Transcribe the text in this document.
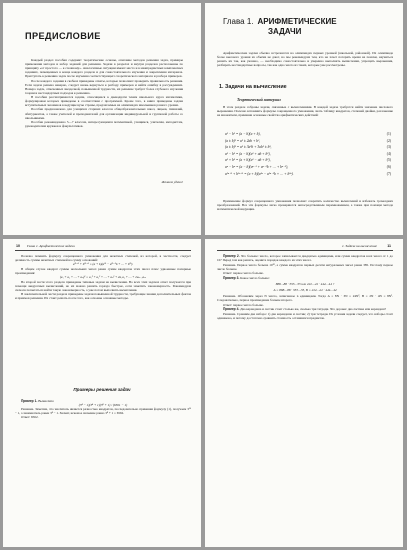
ПРЕДИСЛОВИЕ

Каждый раздел пособия содержит теоретические основы, описание методов решения задач, примеры применения методов и набор заданий для решения. Задачи в разделах и внутри разделов расположены по принципу «от простого — к сложному». Аналогичные ситуации имеют место и в межпредметных комплексных заданиях, помещенных в конце каждого раздела и для самостоятельного изучения и закрепления материала. Приступать к решению задач после изучения соответствующего теоретического материала и разбора примеров.

После каждого задания в скобках приведены ответы, которые позволяют проверить правильность решения. Если задача решена неверно, следует вновь вернуться к разбору примеров и найти ошибку в рассуждениях. Номера задач, отмеченных звездочкой, повышенной трудности, их решение требует более глубокого изучения теории и нестандартных подходов к решению.

В пособии рассматриваются задачи, относящиеся к двенадцати темам школьного курса математики, формулировки которых приведены в соответствии с программой. Кроме того, в книге приведены задачи вступительных экзаменов в ведущие вузы страны, предлагаемые на олимпиадах школьников разного уровня.

Пособие предназначено для учащихся старших классов общеобразовательных школ, лицеев, гимназий, абитуриентов, а также учителей и преподавателей для организации индивидуальной и групповой работы со школьниками.

Пособие рекомендовано 5—7 классам, интересующимся математикой, учащимся, учителям, методистам, руководителям кружков и факультативов.

Желаем удачи!
Глава 1. АРИФМЕТИЧЕСКИЕ
ЗАДАЧИ

Арифметические задачи обычно встречаются на олимпиадах первых уровней (школьной, районной). Их олимпиада более высокого уровня из объёма не дают, но мы рекомендуем тем, кто не хочет потерять время на поиски, научиться решать их так, как указано, — необходимо самостоятельно и уверенно выполнять вычисления, упрощать выражения, разбирать нестандартные вопросы, так как одно число из таких, которые уже рассмотрены.

1. Задачи на вычисление
Теоретический материал

В этом разделе собраны задачи, связанные с вычислениями. В каждой задаче требуется найти значение числового выражения. Полезно вспомнить формулы сокращенного умножения, знать таблицу квадратов, степеней двойки, разложение на множители, применяя основные свойства арифметических действий:

a² − b² = (a − b)(a + b),	(1)
(a ± b)² = a² ± 2ab + b²,	(2)
(a ± b)³ = a³ ± 3a²b + 3ab² ± b³,	(3)
a³ − b³ = (a − b)(a² + ab + b²),	(4)
a³ + b³ = (a + b)(a² − ab + b²),	(5)
aⁿ − bⁿ = (a − b)(aⁿ⁻¹ + aⁿ⁻²b + … + bⁿ⁻¹),	(6)
a²ⁿ⁺¹ + b²ⁿ⁺¹ = (a + b)(a²ⁿ − a²ⁿ⁻¹b + … + b²ⁿ).	(7)

Применение формул сокращенного умножения позволяет сократить количество вычислений и избежать громоздких преобразований. Все эти формулы легко проверяются непосредственным перемножением, а также при помощи метода математической индукции.

10 Глава 1. Арифметические задачи

Полезно помнить формулу сокращенного умножения для нечетных степеней, из которой, в частности, следует делимость суммы нечетных степеней на сумму оснований:

a²ᵏ⁺¹ + b²ᵏ⁺¹ = (a + b)(a²ᵏ − a²ᵏ⁻¹b + … + b²ᵏ).

В общем случае квадрат суммы нескольких чисел равен сумме квадратов этих чисел плюс удвоенные попарные произведения:

(a₁ + a₂ + … + aₙ)² = a₁² + a₂² + … + aₙ² + 2a₁a₂ + … + 2aₙ₋₁aₙ.

Во второй части этого раздела приведены типовые задачи на вычисления. Во всех этих задачах ответ получается при помощи аккуратных вычислений, но их можно решить гораздо быстрее, если заметить закономерность. Рекомендуем сначала попытаться найти такую закономерность, а уже потом выполнять вычисления.

В заключительной части раздела приведены задачи повышенной трудности, требующие знания дополнительных фактов и приемов решения. Их стоит решать после того, как освоены основные методы.

Примеры решения задач

Пример 1. Вычислите

(3⁴ − 1)(3⁴ + 1)(3⁸ + 1) / (6561 − 1)

Решение. Заметим, что числитель является разностью квадратов, последовательно применяя формулу (1), получаем 3¹⁶ − 1, а знаменатель равен 3⁸ − 1. Значит, искомое значение равно 3⁸ + 1 = 6562.

Ответ: 6562.

1. Задачи на вычисление	11

Пример 2. Что больше: число, которое записывается двадцатью единицами, или сумма квадратов всех чисел от 1 до 10? Перед тем как решать, оцените порядок каждого из этих чисел.

Решение. Первое число больше 10¹⁹, а сумма квадратов первых десяти натуральных чисел равна 385. Поэтому первое число больше.

Ответ: первое число больше.

Пример 3. Какое число больше:

888…88 · 333…33 или 222…22 · 444…44 ?

A = 888…88 · 333…33, B = 222…22 · 444…44

Решение. Обозначим через N число, записанное n единицами. Тогда A = 8N · 3N = 24N², B = 2N · 4N = 8N². Следовательно, первое произведение больше второго.

Ответ: первое число больше.

Пример 4. Два карандаша и ластик стоят столько же, сколько три тетради. Что дороже: два ластика или карандаш?

Решение. Сравним два набора: 1) два карандаша и ластик; 2) три тетради. Из условия задачи следует, что наборы стоят одинаково, и потому достаточно сравнить стоимость оставшихся предметов.
